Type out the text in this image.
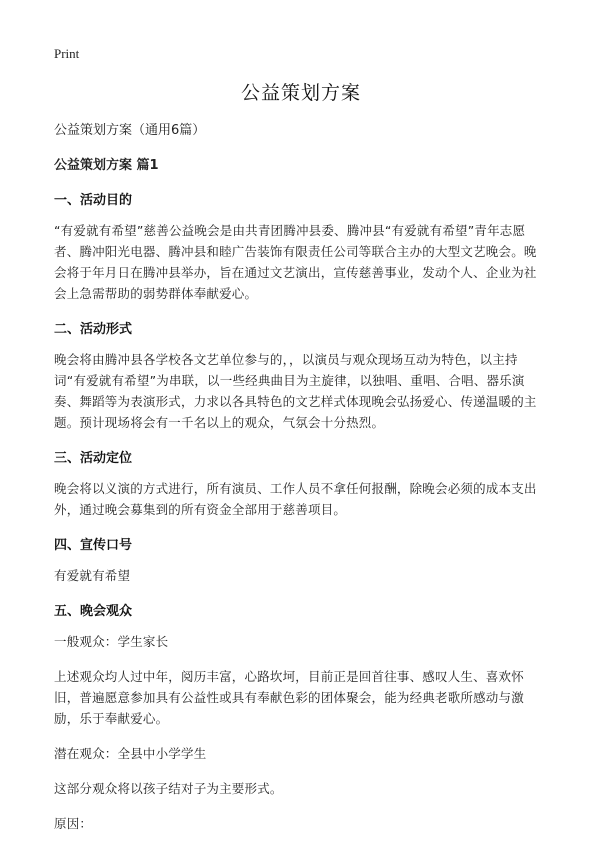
Print
公益策划方案
公益策划方案（通用6篇）
公益策划方案 篇1
一、活动目的
“有爱就有希望”慈善公益晚会是由共青团腾冲县委、腾冲县“有爱就有希望”青年志愿者、腾冲阳光电器、腾冲县和睦广告装饰有限责任公司等联合主办的大型文艺晚会。晚会将于年月日在腾冲县举办，旨在通过文艺演出，宣传慈善事业，发动个人、企业为社会上急需帮助的弱势群体奉献爱心。
二、活动形式
晚会将由腾冲县各学校各文艺单位参与的，，以演员与观众现场互动为特色，以主持词“有爱就有希望”为串联，以一些经典曲目为主旋律，以独唱、重唱、合唱、器乐演奏、舞蹈等为表演形式，力求以各具特色的文艺样式体现晚会弘扬爱心、传递温暖的主题。预计现场将会有一千名以上的观众，气氛会十分热烈。
三、活动定位
晚会将以义演的方式进行，所有演员、工作人员不拿任何报酬，除晚会必须的成本支出外，通过晚会募集到的所有资金全部用于慈善项目。
四、宣传口号
有爱就有希望
五、晚会观众
一般观众：学生家长
上述观众均人过中年，阅历丰富，心路坎坷，目前正是回首往事、感叹人生、喜欢怀旧，普遍愿意参加具有公益性或具有奉献色彩的团体聚会，能为经典老歌所感动与激励，乐于奉献爱心。
潜在观众：全县中小学学生
这部分观众将以孩子结对子为主要形式。
原因：
